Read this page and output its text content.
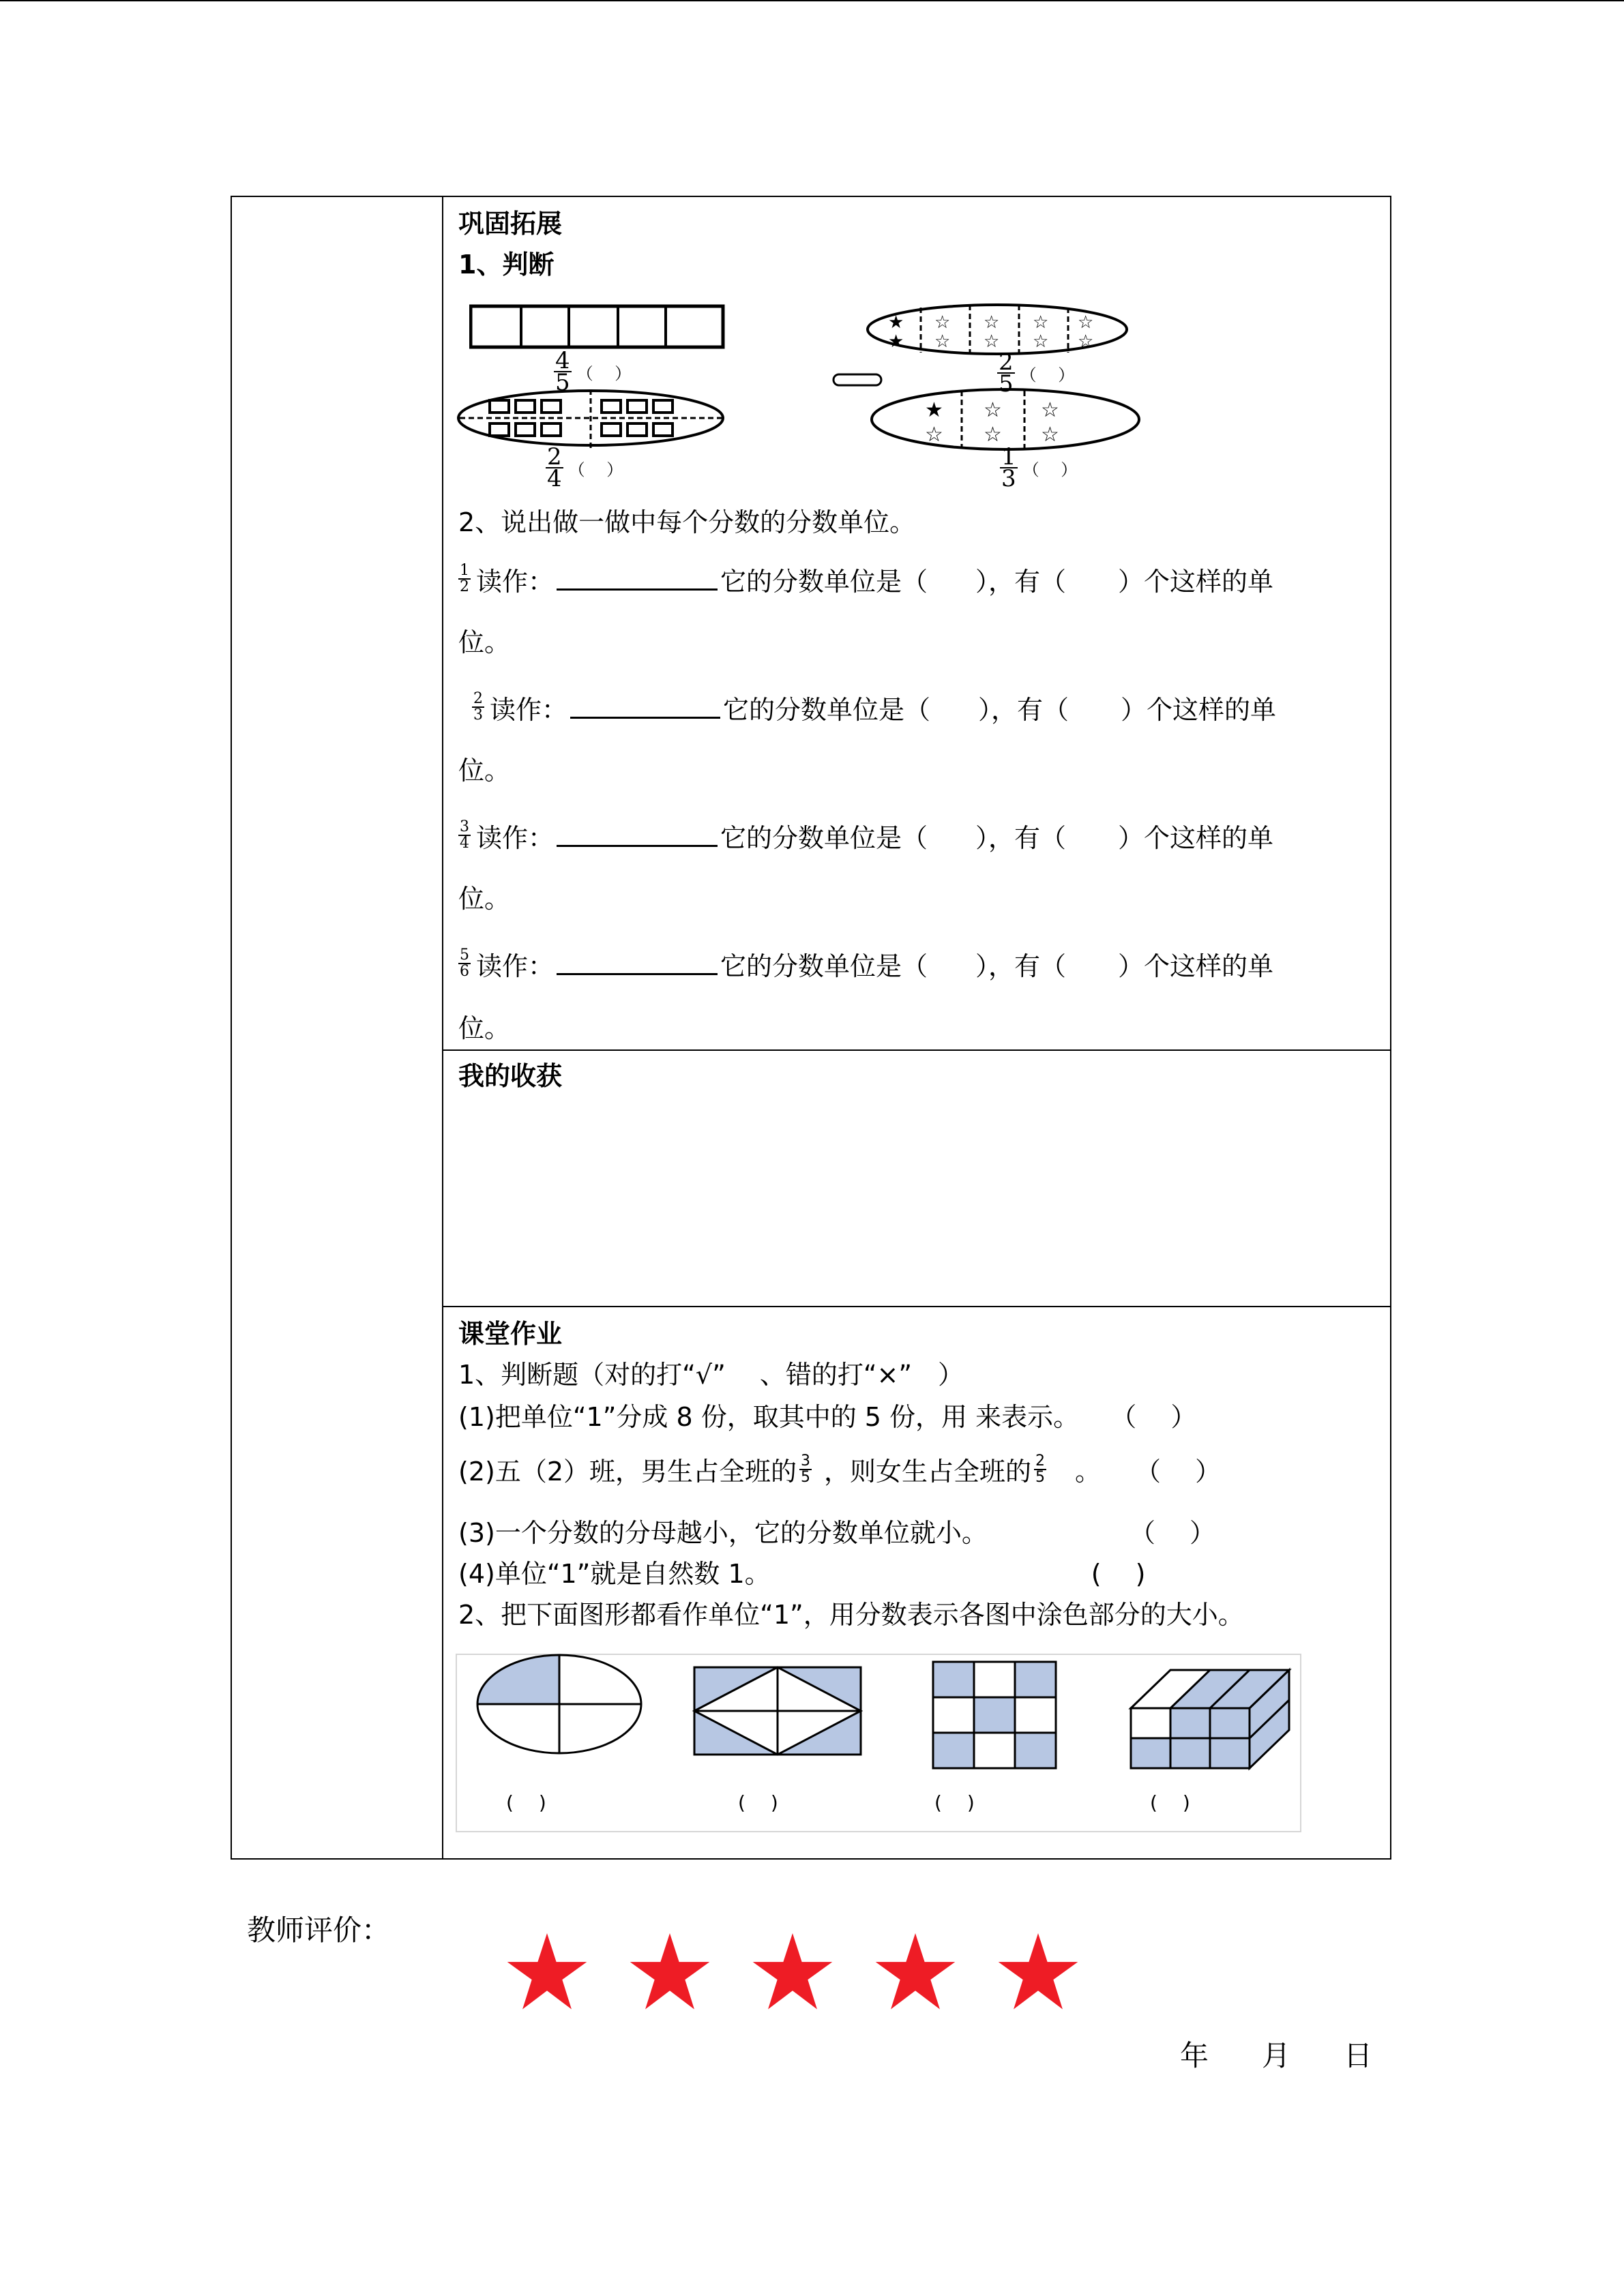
巩固拓展
1、判断
$\frac{4}{5}$ （　 ）
★
★
☆
☆
☆
☆
☆
☆
☆
☆
$\frac{2}{5}$ （　 ）
$\frac{2}{4}$ （　 ）
★
☆
☆
☆
☆
☆
$\frac{1}{3}$ （　 ）
2、说出做一做中每个分数的分数单位。
$\frac{1}{2}$ 读作：	它的分数单位是（ ），有（ ）个这样的单
位。
$\frac{2}{3}$ 读作：	它的分数单位是（ ），有（ ）个这样的单
位。
$\frac{3}{4}$ 读作：	它的分数单位是（ ），有（ ）个这样的单
位。
$\frac{5}{6}$ 读作：	它的分数单位是（ ），有（ ）个这样的单
位。
我的收获
课堂作业
1、判断题（对的打“√”　 、错的打“×”　）
(1)把单位“1”分成 8 份，取其中的 5 份，用 来表示。 （　 ）
(2)五（2）班，男生占全班的 $\frac{3}{5}$ ，则女生占全班的 $\frac{2}{5}$ 。 （　 ）
(3)一个分数的分母越小，它的分数单位就小。	（　 ）
(4)单位“1”就是自然数 1。	(　 )
2、把下面图形都看作单位“1”，用分数表示各图中涂色部分的大小。
(　 )	(　 )	(　 )	(　 )
教师评价：
年 月 日
